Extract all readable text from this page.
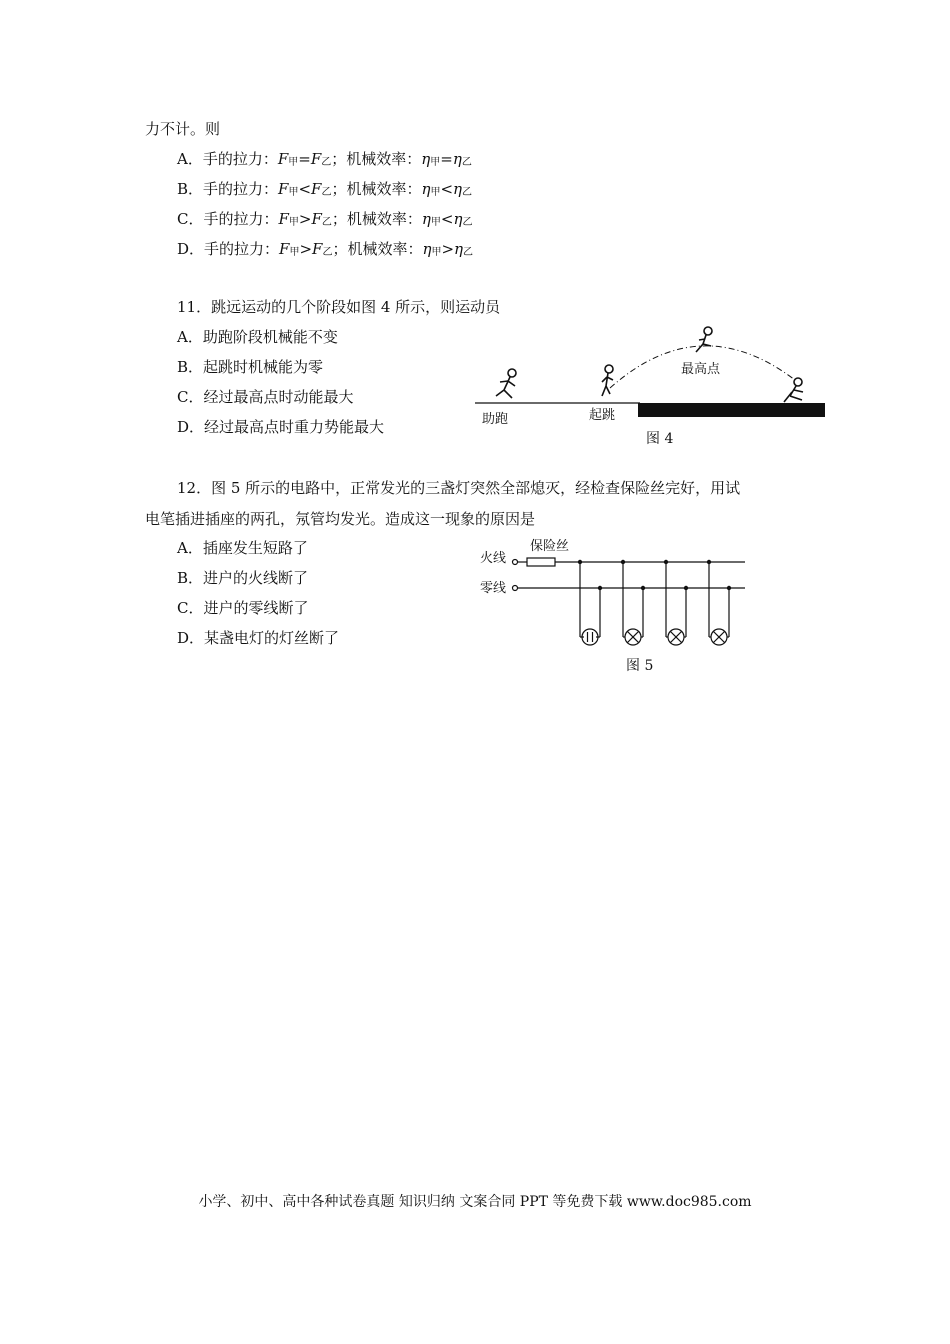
力不计。则
A．手的拉力：F甲=F乙；机械效率：η甲=η乙
B．手的拉力：F甲<F乙；机械效率：η甲<η乙
C．手的拉力：F甲>F乙；机械效率：η甲<η乙
D．手的拉力：F甲>F乙；机械效率：η甲>η乙
11．跳远运动的几个阶段如图 4 所示，则运动员
A．助跑阶段机械能不变
B．起跳时机械能为零
C．经过最高点时动能最大
D．经过最高点时重力势能最大	助跑	起跳
最高点
图 4
12．图 5 所示的电路中，正常发光的三盏灯突然全部熄灭，经检查保险丝完好，用试
电笔插进插座的两孔，氖管均发光。造成这一现象的原因是
A．插座发生短路了
B．进户的火线断了
C．进户的零线断了
D．某盏电灯的灯丝断了
火线
零线
保险丝
图 5
小学、初中、高中各种试卷真题 知识归纳 文案合同 PPT 等免费下载 www.doc985.com
